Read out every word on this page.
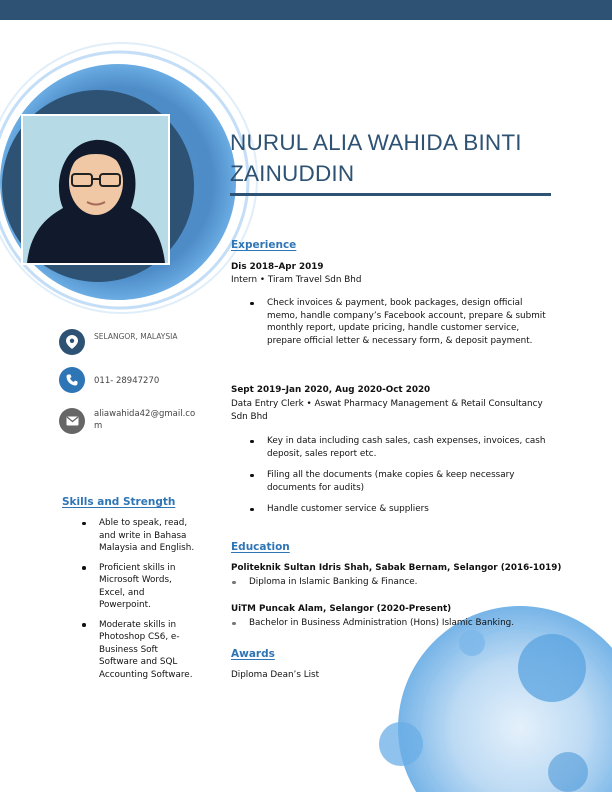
NURUL ALIA WAHIDA BINTI
ZAINUDDIN
SELANGOR, MALAYSIA
011- 28947270
aliawahida42@gmail.co
m
Skills and Strength
Able to speak, read,
and write in Bahasa
Malaysia and English.
Proficient skills in
Microsoft Words,
Excel, and
Powerpoint.
Moderate skills in
Photoshop CS6, e-
Business Soft
Software and SQL
Accounting Software.
Experience
Dis 2018–Apr 2019
Intern • Tiram Travel Sdn Bhd
Check invoices & payment, book packages, design official
memo, handle company’s Facebook account, prepare & submit
monthly report, update pricing, handle customer service,
prepare official letter & necessary form, & deposit payment.
Sept 2019–Jan 2020, Aug 2020-Oct 2020
Data Entry Clerk • Aswat Pharmacy Management & Retail Consultancy
Sdn Bhd
Key in data including cash sales, cash expenses, invoices, cash
deposit, sales report etc.
Filing all the documents (make copies & keep necessary
documents for audits)
Handle customer service & suppliers
Education
Politeknik Sultan Idris Shah, Sabak Bernam, Selangor (2016-1019)
Diploma in Islamic Banking & Finance.
UiTM Puncak Alam, Selangor (2020-Present)
Bachelor in Business Administration (Hons) Islamic Banking.
Awards
Diploma Dean’s List
